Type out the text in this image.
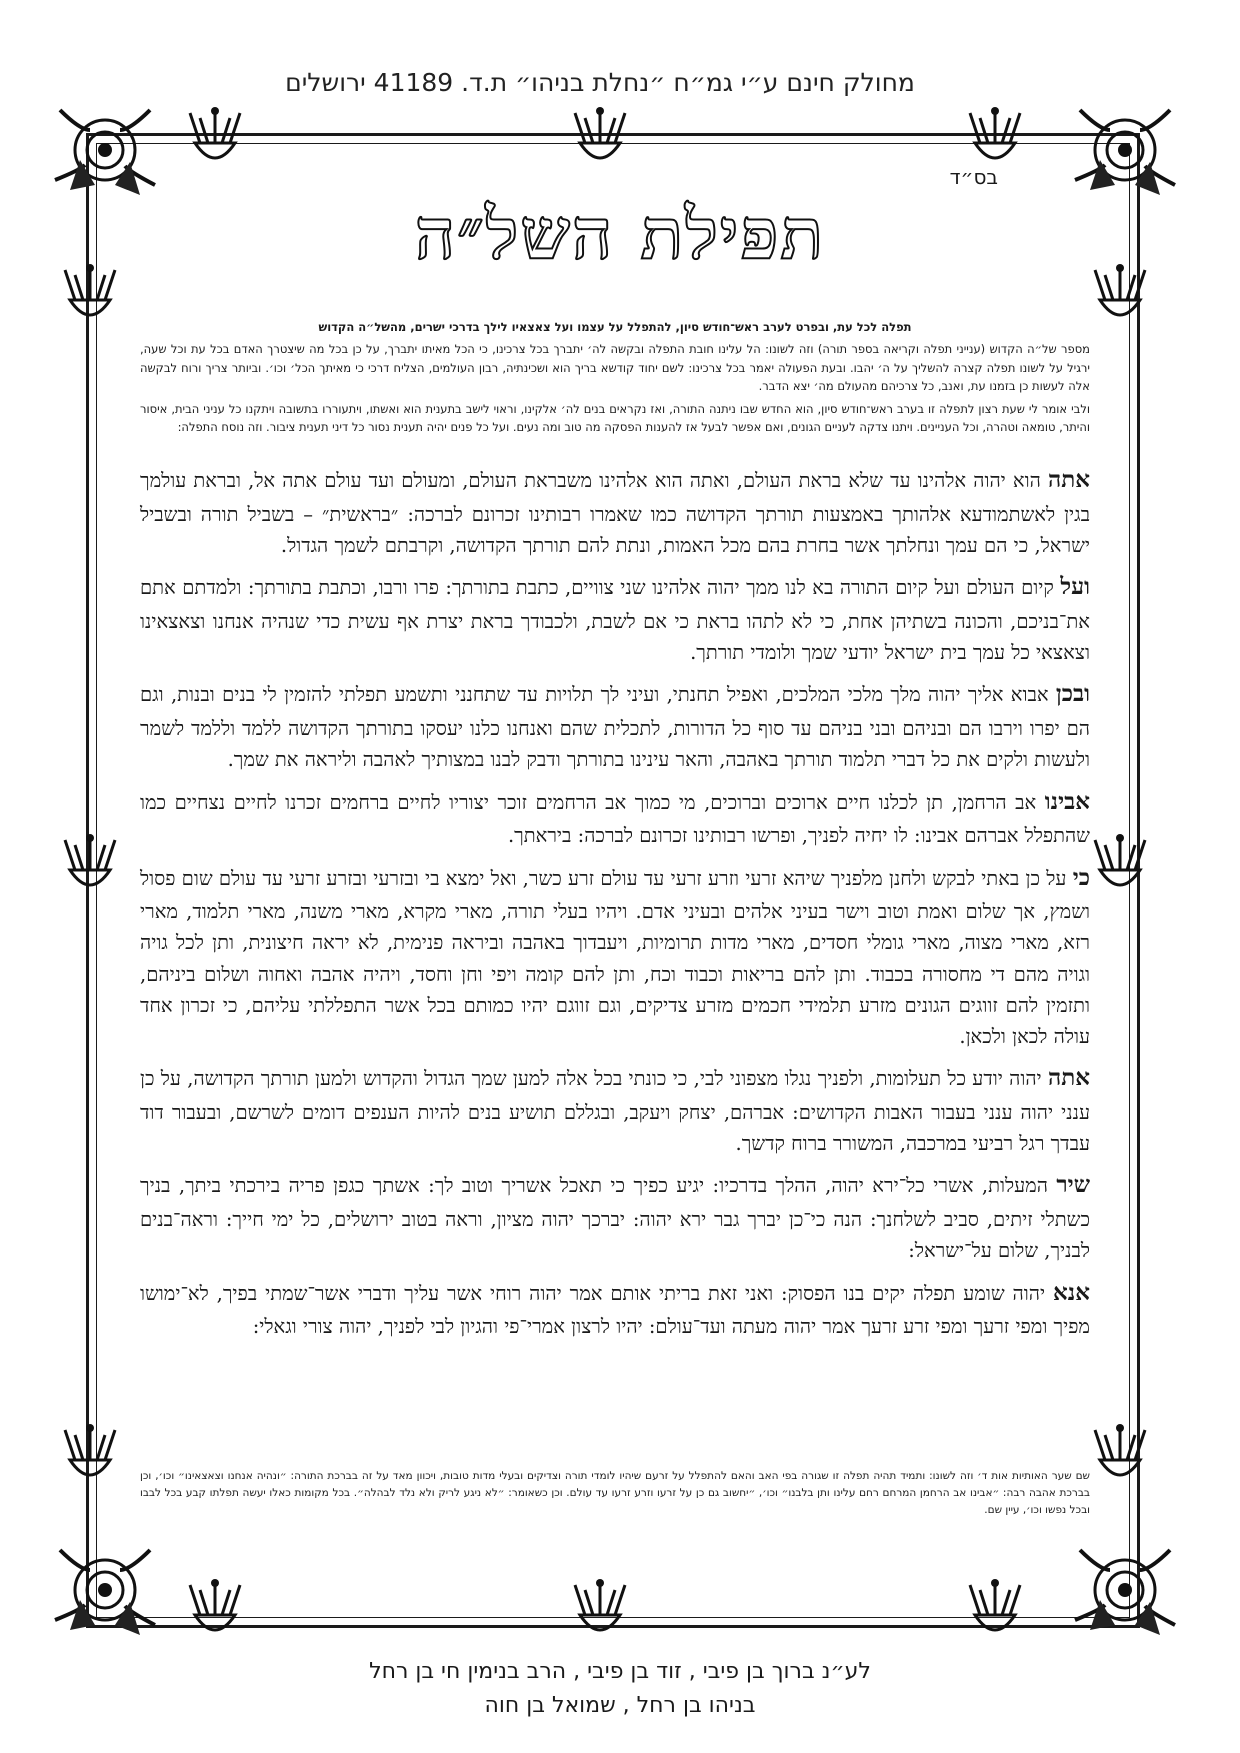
מחולק חינם ע״י גמ״ח ״נחלת בניהו״ ת.ד. 41189 ירושלים
בס״ד
תפילת השל״ה

תפלה לכל עת, ובפרט לערב ראש־חודש סיון, להתפלל על עצמו ועל צאצאיו לילך בדרכי ישרים, מהשל״ה הקדוש

מספר של״ה הקדוש (ענייני תפלה וקריאה בספר תורה) וזה לשונו: הל עלינו חובת התפלה ובקשה לה׳ יתברך בכל צרכינו, כי הכל מאיתו יתברך, על כן בכל מה שיצטרך האדם בכל עת וכל שעה, ירגיל על לשונו תפלה קצרה להשליך על ה׳ יהבו. ובעת הפעולה יאמר בכל צרכינו: לשם יחוד קודשא בריך הוא ושכינתיה, רבון העולמים, הצליח דרכי כי מאיתך הכל׳ וכו׳. וביותר צריך ורוח לבקשה אלה לעשות כן בזמנו עת, ואנב, כל צרכיהם מהעולם מה׳ יצא הדבר.

ולבי אומר לי שעת רצון לתפלה זו בערב ראש־חודש סיון, הוא החדש שבו ניתנה התורה, ואז נקראים בנים לה׳ אלקינו, וראוי לישב בתענית הוא ואשתו, ויתעוררו בתשובה ויתקנו כל עניני הבית, איסור והיתר, טומאה וטהרה, וכל העניינים. ויתנו צדקה לעניים הגונים, ואם אפשר לבעל אז להענות הפסקה מה טוב ומה נעים. ועל כל פנים יהיה תענית נסור כל דיני תענית ציבור. וזה נוסח התפלה:

אתה הוא יהוה אלהינו עד שלא בראת העולם, ואתה הוא אלהינו משבראת העולם, ומעולם ועד עולם אתה אל, ובראת עולמך בגין לאשתמודעא אלהותך באמצעות תורתך הקדושה כמו שאמרו רבותינו זכרונם לברכה: ״בראשית״ – בשביל תורה ובשביל ישראל, כי הם עמך ונחלתך אשר בחרת בהם מכל האמות, ונתת להם תורתך הקדושה, וקרבתם לשמך הגדול.

ועל קיום העולם ועל קיום התורה בא לנו ממך יהוה אלהינו שני צוויים, כתבת בתורתך: פרו ורבו, וכתבת בתורתך: ולמדתם אתם את־בניכם, והכונה בשתיהן אחת, כי לא לתהו בראת כי אם לשבת, ולכבודך בראת יצרת אף עשית כדי שנהיה אנחנו וצאצאינו וצאצאי כל עמך בית ישראל יודעי שמך ולומדי תורתך.

ובכן אבוא אליך יהוה מלך מלכי המלכים, ואפיל תחנתי, ועיני לך תלויות עד שתחנני ותשמע תפלתי להזמין לי בנים ובנות, וגם הם יפרו וירבו הם ובניהם ובני בניהם עד סוף כל הדורות, לתכלית שהם ואנחנו כלנו יעסקו בתורתך הקדושה ללמד וללמד לשמר ולעשות ולקים את כל דברי תלמוד תורתך באהבה, והאר עינינו בתורתך ודבק לבנו במצותיך לאהבה וליראה את שמך.

אבינו אב הרחמן, תן לכלנו חיים ארוכים וברוכים, מי כמוך אב הרחמים זוכר יצוריו לחיים ברחמים זכרנו לחיים נצחיים כמו שהתפלל אברהם אבינו: לו יחיה לפניך, ופרשו רבותינו זכרונם לברכה: ביראתך.

כי על כן באתי לבקש ולחנן מלפניך שיהא זרעי וזרע זרעי עד עולם זרע כשר, ואל ימצא בי ובזרעי ובזרע זרעי עד עולם שום פסול ושמץ, אך שלום ואמת וטוב וישר בעיני אלהים ובעיני אדם. ויהיו בעלי תורה, מארי מקרא, מארי משנה, מארי תלמוד, מארי רזא, מארי מצוה, מארי גומלי חסדים, מארי מדות תרומיות, ויעבדוך באהבה וביראה פנימית, לא יראה חיצונית, ותן לכל גויה וגויה מהם די מחסורה בכבוד. ותן להם בריאות וכבוד וכח, ותן להם קומה ויפי וחן וחסד, ויהיה אהבה ואחוה ושלום ביניהם, ותזמין להם זווגים הגונים מזרע תלמידי חכמים מזרע צדיקים, וגם זווגם יהיו כמותם בכל אשר התפללתי עליהם, כי זכרון אחד עולה לכאן ולכאן.

אתה יהוה יודע כל תעלומות, ולפניך נגלו מצפוני לבי, כי כונתי בכל אלה למען שמך הגדול והקדוש ולמען תורתך הקדושה, על כן ענני יהוה ענני בעבור האבות הקדושים: אברהם, יצחק ויעקב, ובגללם תושיע בנים להיות הענפים דומים לשרשם, ובעבור דוד עבדך רגל רביעי במרכבה, המשורר ברוח קדשך.

שיר המעלות, אשרי כל־ירא יהוה, ההלך בדרכיו: יגיע כפיך כי תאכל אשריך וטוב לך: אשתך כגפן פריה בירכתי ביתך, בניך כשתלי זיתים, סביב לשלחנך: הנה כי־כן יברך גבר ירא יהוה: יברכך יהוה מציון, וראה בטוב ירושלים, כל ימי חייך: וראה־בנים לבניך, שלום על־ישראל:

אנא יהוה שומע תפלה יקים בנו הפסוק: ואני זאת בריתי אותם אמר יהוה רוחי אשר עליך ודברי אשר־שמתי בפיך, לא־ימושו מפיך ומפי זרעך ומפי זרע זרעך אמר יהוה מעתה ועד־עולם: יהיו לרצון אמרי־פי והגיון לבי לפניך, יהוה צורי וגאלי:

שם שער האותיות אות ד׳ וזה לשונו: ותמיד תהיה תפלה זו שגורה בפי האב והאם להתפלל על זרעם שיהיו לומדי תורה וצדיקים ובעלי מדות טובות, ויכוון מאד על זה בברכת התורה: ״ונהיה אנחנו וצאצאינו״ וכו׳, וכן בברכת אהבה רבה: ״אבינו אב הרחמן המרחם רחם עלינו ותן בלבנו״ וכו׳, ״יחשוב גם כן על זרעו וזרע זרעו עד עולם. וכן כשאומר: ״לא ניגע לריק ולא נלד לבהלה״. בכל מקומות כאלו יעשה תפלתו קבע בכל לבבו ובכל נפשו וכו׳, עיין שם.
לע״נ ברוך בן פיבי , זוד בן פיבי , הרב בנימין חי בן רחל
בניהו בן רחל , שמואל בן חוה
